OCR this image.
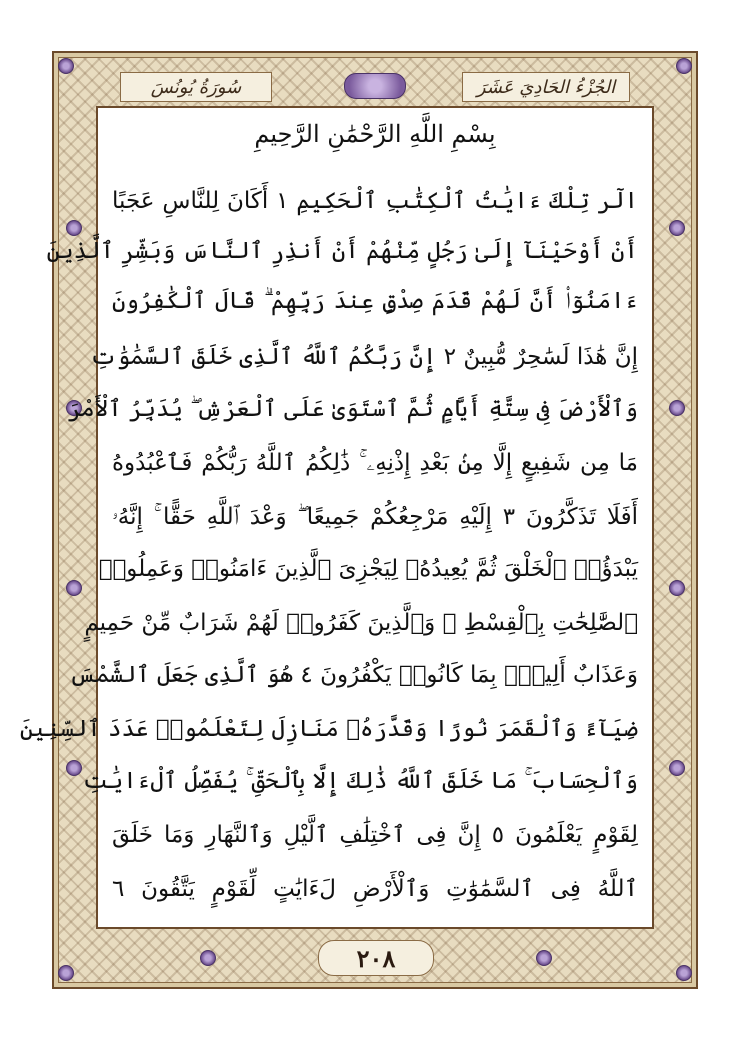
الجُزْءُ الحَادِيَ عَشَرَ
سُورَةُ يُونُسَ
بِسْمِ اللَّهِ الرَّحْمَٰنِ الرَّحِيمِ
الٓر تِلْكَ ءَايَٰتُ ٱلْكِتَٰبِ ٱلْحَكِيمِ ١ أَكَانَ لِلنَّاسِ عَجَبًا
أَنْ أَوْحَيْنَآ إِلَىٰ رَجُلٍ مِّنْهُمْ أَنْ أَنذِرِ ٱلنَّاسَ وَبَشِّرِ ٱلَّذِينَ
ءَامَنُوٓا۟ أَنَّ لَهُمْ قَدَمَ صِدْقٍ عِندَ رَبِّهِمْ ۗ قَالَ ٱلْكَٰفِرُونَ
إِنَّ هَٰذَا لَسَٰحِرٌ مُّبِينٌ ٢ إِنَّ رَبَّكُمُ ٱللَّهُ ٱلَّذِى خَلَقَ ٱلسَّمَٰوَٰتِ
وَٱلْأَرْضَ فِى سِتَّةِ أَيَّامٍ ثُمَّ ٱسْتَوَىٰ عَلَى ٱلْعَرْشِ ۖ يُدَبِّرُ ٱلْأَمْرَ
مَا مِن شَفِيعٍ إِلَّا مِنۢ بَعْدِ إِذْنِهِۦ ۚ ذَٰلِكُمُ ٱللَّهُ رَبُّكُمْ فَٱعْبُدُوهُ
أَفَلَا تَذَكَّرُونَ ٣ إِلَيْهِ مَرْجِعُكُمْ جَمِيعًا ۖ وَعْدَ ٱللَّهِ حَقًّا ۚ إِنَّهُۥ
يَبْدَؤُا۟ ٱلْخَلْقَ ثُمَّ يُعِيدُهُۥ لِيَجْزِىَ ٱلَّذِينَ ءَامَنُوا۟ وَعَمِلُوا۟
ٱلصَّٰلِحَٰتِ بِٱلْقِسْطِ ۚ وَٱلَّذِينَ كَفَرُوا۟ لَهُمْ شَرَابٌ مِّنْ حَمِيمٍ
وَعَذَابٌ أَلِيمٌۢ بِمَا كَانُوا۟ يَكْفُرُونَ ٤ هُوَ ٱلَّذِى جَعَلَ ٱلشَّمْسَ
ضِيَآءً وَٱلْقَمَرَ نُورًا وَقَدَّرَهُۥ مَنَازِلَ لِتَعْلَمُوا۟ عَدَدَ ٱلسِّنِينَ
وَٱلْحِسَابَ ۚ مَا خَلَقَ ٱللَّهُ ذَٰلِكَ إِلَّا بِٱلْحَقِّ ۚ يُفَصِّلُ ٱلْءَايَٰتِ
لِقَوْمٍ يَعْلَمُونَ ٥ إِنَّ فِى ٱخْتِلَٰفِ ٱلَّيْلِ وَٱلنَّهَارِ وَمَا خَلَقَ
ٱللَّهُ فِى ٱلسَّمَٰوَٰتِ وَٱلْأَرْضِ لَءَايَٰتٍ لِّقَوْمٍ يَتَّقُونَ ٦
٢٠٨
